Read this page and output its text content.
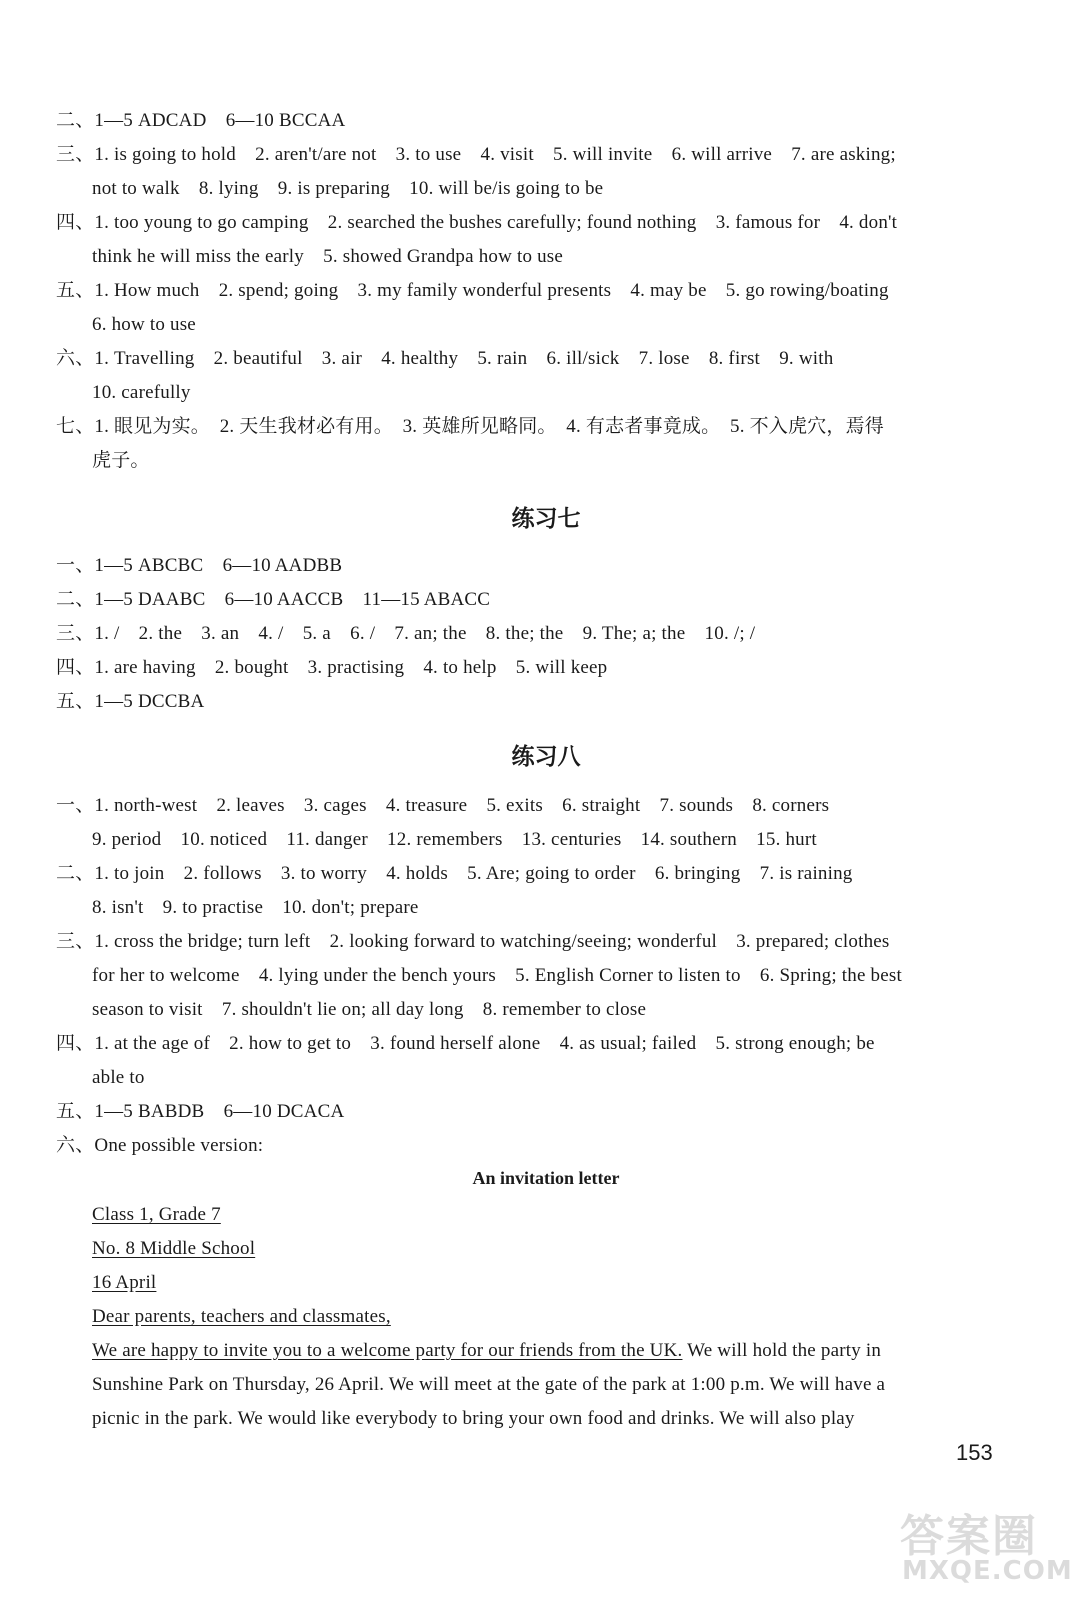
二、1—5 ADCAD　6—10 BCCAA
三、1. is going to hold　2. aren't/are not　3. to use　4. visit　5. will invite　6. will arrive　7. are asking;
not to walk　8. lying　9. is preparing　10. will be/is going to be
四、1. too young to go camping　2. searched the bushes carefully; found nothing　3. famous for　4. don't
think he will miss the early　5. showed Grandpa how to use
五、1. How much　2. spend; going　3. my family wonderful presents　4. may be　5. go rowing/boating
6. how to use
六、1. Travelling　2. beautiful　3. air　4. healthy　5. rain　6. ill/sick　7. lose　8. first　9. with
10. carefully
七、1. 眼见为实。　2. 天生我材必有用。　3. 英雄所见略同。　4. 有志者事竟成。　5. 不入虎穴，焉得
虎子。
练习七
一、1—5 ABCBC　6—10 AADBB
二、1—5 DAABC　6—10 AACCB　11—15 ABACC
三、1. /　2. the　3. an　4. /　5. a　6. /　7. an; the　8. the; the　9. The; a; the　10. /; /
四、1. are having　2. bought　3. practising　4. to help　5. will keep
五、1—5 DCCBA
练习八
一、1. north-west　2. leaves　3. cages　4. treasure　5. exits　6. straight　7. sounds　8. corners
9. period　10. noticed　11. danger　12. remembers　13. centuries　14. southern　15. hurt
二、1. to join　2. follows　3. to worry　4. holds　5. Are; going to order　6. bringing　7. is raining
8. isn't　9. to practise　10. don't; prepare
三、1. cross the bridge; turn left　2. looking forward to watching/seeing; wonderful　3. prepared; clothes
for her to welcome　4. lying under the bench yours　5. English Corner to listen to　6. Spring; the best
season to visit　7. shouldn't lie on; all day long　8. remember to close
四、1. at the age of　2. how to get to　3. found herself alone　4. as usual; failed　5. strong enough; be
able to
五、1—5 BABDB　6—10 DCACA
六、One possible version:
An invitation letter
Class 1, Grade 7
No. 8 Middle School
16 April
Dear parents, teachers and classmates,
We are happy to invite you to a welcome party for our friends from the UK. We will hold the party in
Sunshine Park on Thursday, 26 April. We will meet at the gate of the park at 1:00 p.m. We will have a
picnic in the park. We would like everybody to bring your own food and drinks. We will also play
153
答案圈
MXQE.COM
